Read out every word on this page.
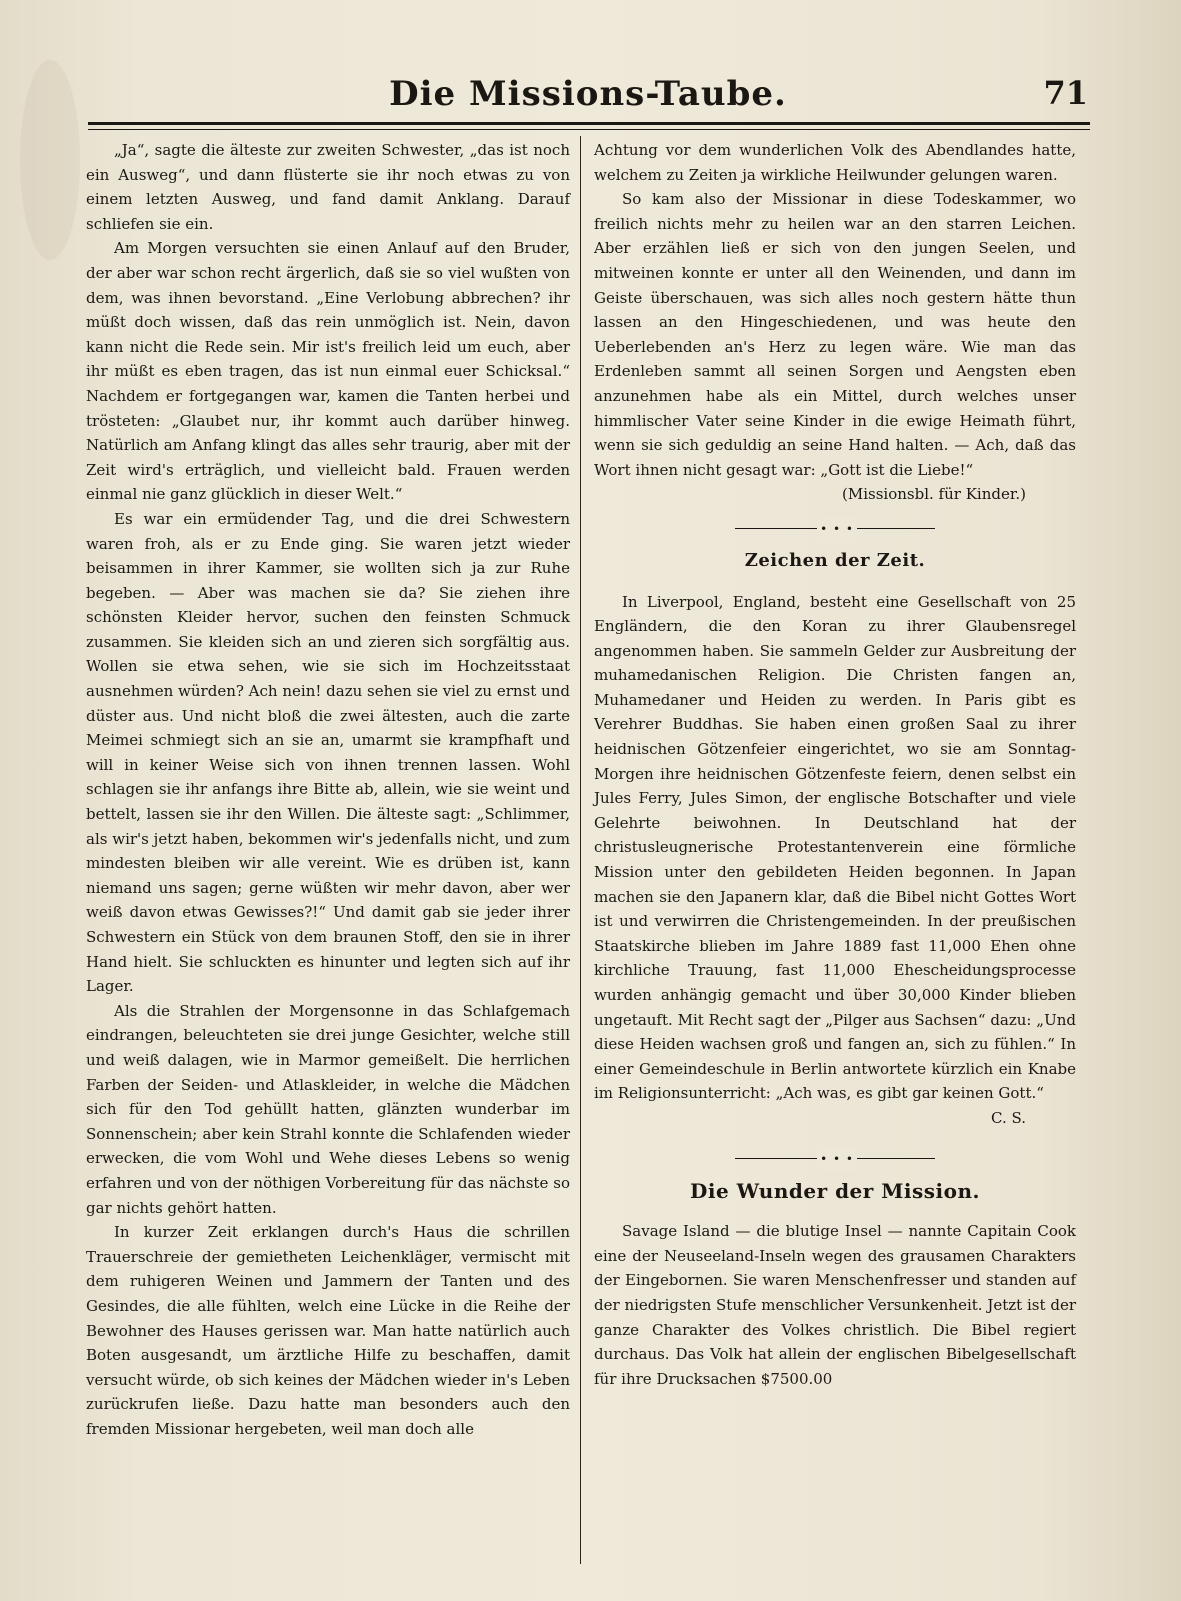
Die Missions-Taube.	71

„Ja“, sagte die älteste zur zweiten Schwester, „das ist noch ein Ausweg“, und dann flüsterte sie ihr noch etwas zu von einem letzten Ausweg, und fand damit Anklang. Darauf schliefen sie ein.

Am Morgen versuchten sie einen Anlauf auf den Bruder, der aber war schon recht ärgerlich, daß sie so viel wußten von dem, was ihnen bevorstand. „Eine Verlobung abbrechen? ihr müßt doch wissen, daß das rein unmöglich ist. Nein, davon kann nicht die Rede sein. Mir ist's freilich leid um euch, aber ihr müßt es eben tragen, das ist nun einmal euer Schicksal.“ Nachdem er fortgegangen war, kamen die Tanten herbei und trösteten: „Glaubet nur, ihr kommt auch darüber hinweg. Natürlich am Anfang klingt das alles sehr traurig, aber mit der Zeit wird's erträglich, und vielleicht bald. Frauen werden einmal nie ganz glücklich in dieser Welt.“

Es war ein ermüdender Tag, und die drei Schwestern waren froh, als er zu Ende ging. Sie waren jetzt wieder beisammen in ihrer Kammer, sie wollten sich ja zur Ruhe begeben. — Aber was machen sie da? Sie ziehen ihre schönsten Kleider hervor, suchen den feinsten Schmuck zusammen. Sie kleiden sich an und zieren sich sorgfältig aus. Wollen sie etwa sehen, wie sie sich im Hochzeitsstaat ausnehmen würden? Ach nein! dazu sehen sie viel zu ernst und düster aus. Und nicht bloß die zwei ältesten, auch die zarte Meimei schmiegt sich an sie an, umarmt sie krampfhaft und will in keiner Weise sich von ihnen trennen lassen. Wohl schlagen sie ihr anfangs ihre Bitte ab, allein, wie sie weint und bettelt, lassen sie ihr den Willen. Die älteste sagt: „Schlimmer, als wir's jetzt haben, bekommen wir's jedenfalls nicht, und zum mindesten bleiben wir alle vereint. Wie es drüben ist, kann niemand uns sagen; gerne wüßten wir mehr davon, aber wer weiß davon etwas Gewisses?!“ Und damit gab sie jeder ihrer Schwestern ein Stück von dem braunen Stoff, den sie in ihrer Hand hielt. Sie schluckten es hinunter und legten sich auf ihr Lager.

Als die Strahlen der Morgensonne in das Schlafgemach eindrangen, beleuchteten sie drei junge Gesichter, welche still und weiß dalagen, wie in Marmor gemeißelt. Die herrlichen Farben der Seiden- und Atlaskleider, in welche die Mädchen sich für den Tod gehüllt hatten, glänzten wunderbar im Sonnenschein; aber kein Strahl konnte die Schlafenden wieder erwecken, die vom Wohl und Wehe dieses Lebens so wenig erfahren und von der nöthigen Vorbereitung für das nächste so gar nichts gehört hatten.

In kurzer Zeit erklangen durch's Haus die schrillen Trauerschreie der gemietheten Leichenkläger, vermischt mit dem ruhigeren Weinen und Jammern der Tanten und des Gesindes, die alle fühlten, welch eine Lücke in die Reihe der Bewohner des Hauses gerissen war. Man hatte natürlich auch Boten ausgesandt, um ärztliche Hilfe zu beschaffen, damit versucht würde, ob sich keines der Mädchen wieder in's Leben zurückrufen ließe. Dazu hatte man besonders auch den fremden Missionar hergebeten, weil man doch alle

Achtung vor dem wunderlichen Volk des Abendlandes hatte, welchem zu Zeiten ja wirkliche Heilwunder gelungen waren.

So kam also der Missionar in diese Todeskammer, wo freilich nichts mehr zu heilen war an den starren Leichen. Aber erzählen ließ er sich von den jungen Seelen, und mitweinen konnte er unter all den Weinenden, und dann im Geiste überschauen, was sich alles noch gestern hätte thun lassen an den Hingeschiedenen, und was heute den Ueberlebenden an's Herz zu legen wäre. Wie man das Erdenleben sammt all seinen Sorgen und Aengsten eben anzunehmen habe als ein Mittel, durch welches unser himmlischer Vater seine Kinder in die ewige Heimath führt, wenn sie sich geduldig an seine Hand halten. — Ach, daß das Wort ihnen nicht gesagt war: „Gott ist die Liebe!“

(Missionsbl. für Kinder.)

• • •
Zeichen der Zeit.

In Liverpool, England, besteht eine Gesellschaft von 25 Engländern, die den Koran zu ihrer Glaubensregel angenommen haben. Sie sammeln Gelder zur Ausbreitung der muhamedanischen Religion. Die Christen fangen an, Muhamedaner und Heiden zu werden. In Paris gibt es Verehrer Buddhas. Sie haben einen großen Saal zu ihrer heidnischen Götzenfeier eingerichtet, wo sie am Sonntag-Morgen ihre heidnischen Götzenfeste feiern, denen selbst ein Jules Ferry, Jules Simon, der englische Botschafter und viele Gelehrte beiwohnen. In Deutschland hat der christusleugnerische Protestantenverein eine förmliche Mission unter den gebildeten Heiden begonnen. In Japan machen sie den Japanern klar, daß die Bibel nicht Gottes Wort ist und verwirren die Christengemeinden. In der preußischen Staatskirche blieben im Jahre 1889 fast 11,000 Ehen ohne kirchliche Trauung, fast 11,000 Ehescheidungsprocesse wurden anhängig gemacht und über 30,000 Kinder blieben ungetauft. Mit Recht sagt der „Pilger aus Sachsen“ dazu: „Und diese Heiden wachsen groß und fangen an, sich zu fühlen.“ In einer Gemeindeschule in Berlin antwortete kürzlich ein Knabe im Religionsunterricht: „Ach was, es gibt gar keinen Gott.“

C. S.

• • •
Die Wunder der Mission.

Savage Island — die blutige Insel — nannte Capitain Cook eine der Neuseeland-Inseln wegen des grausamen Charakters der Eingebornen. Sie waren Menschenfresser und standen auf der niedrigsten Stufe menschlicher Versunkenheit. Jetzt ist der ganze Charakter des Volkes christlich. Die Bibel regiert durchaus. Das Volk hat allein der englischen Bibelgesellschaft für ihre Drucksachen $7500.00
